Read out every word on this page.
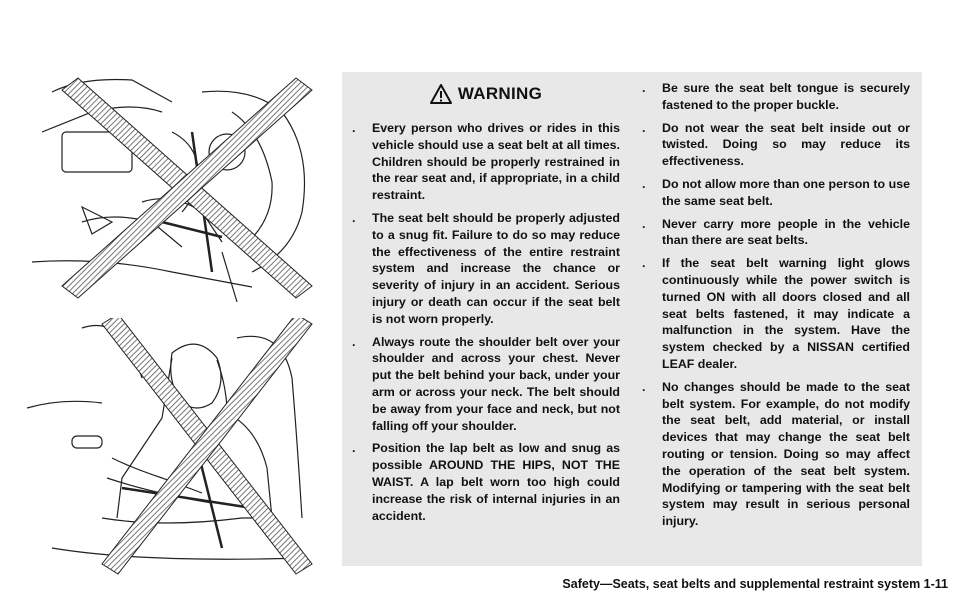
WARNING
. Every person who drives or rides in this vehicle should use a seat belt at all times. Children should be properly restrained in the rear seat and, if appropriate, in a child restraint.
. The seat belt should be properly adjusted to a snug fit. Failure to do so may reduce the effectiveness of the entire restraint system and increase the chance or severity of injury in an accident. Serious injury or death can occur if the seat belt is not worn properly.
. Always route the shoulder belt over your shoulder and across your chest. Never put the belt behind your back, under your arm or across your neck. The belt should be away from your face and neck, but not falling off your shoulder.
. Position the lap belt as low and snug as possible AROUND THE HIPS, NOT THE WAIST. A lap belt worn too high could increase the risk of internal injuries in an accident.
. Be sure the seat belt tongue is securely fastened to the proper buckle.
. Do not wear the seat belt inside out or twisted. Doing so may reduce its effectiveness.
. Do not allow more than one person to use the same seat belt.
. Never carry more people in the vehicle than there are seat belts.
. If the seat belt warning light glows continuously while the power switch is turned ON with all doors closed and all seat belts fastened, it may indicate a malfunction in the system. Have the system checked by a NISSAN certified LEAF dealer.
. No changes should be made to the seat belt system. For example, do not modify the seat belt, add material, or install devices that may change the seat belt routing or tension. Doing so may affect the operation of the seat belt system. Modifying or tampering with the seat belt system may result in serious personal injury.
Safety—Seats, seat belts and supplemental restraint system 1-11
